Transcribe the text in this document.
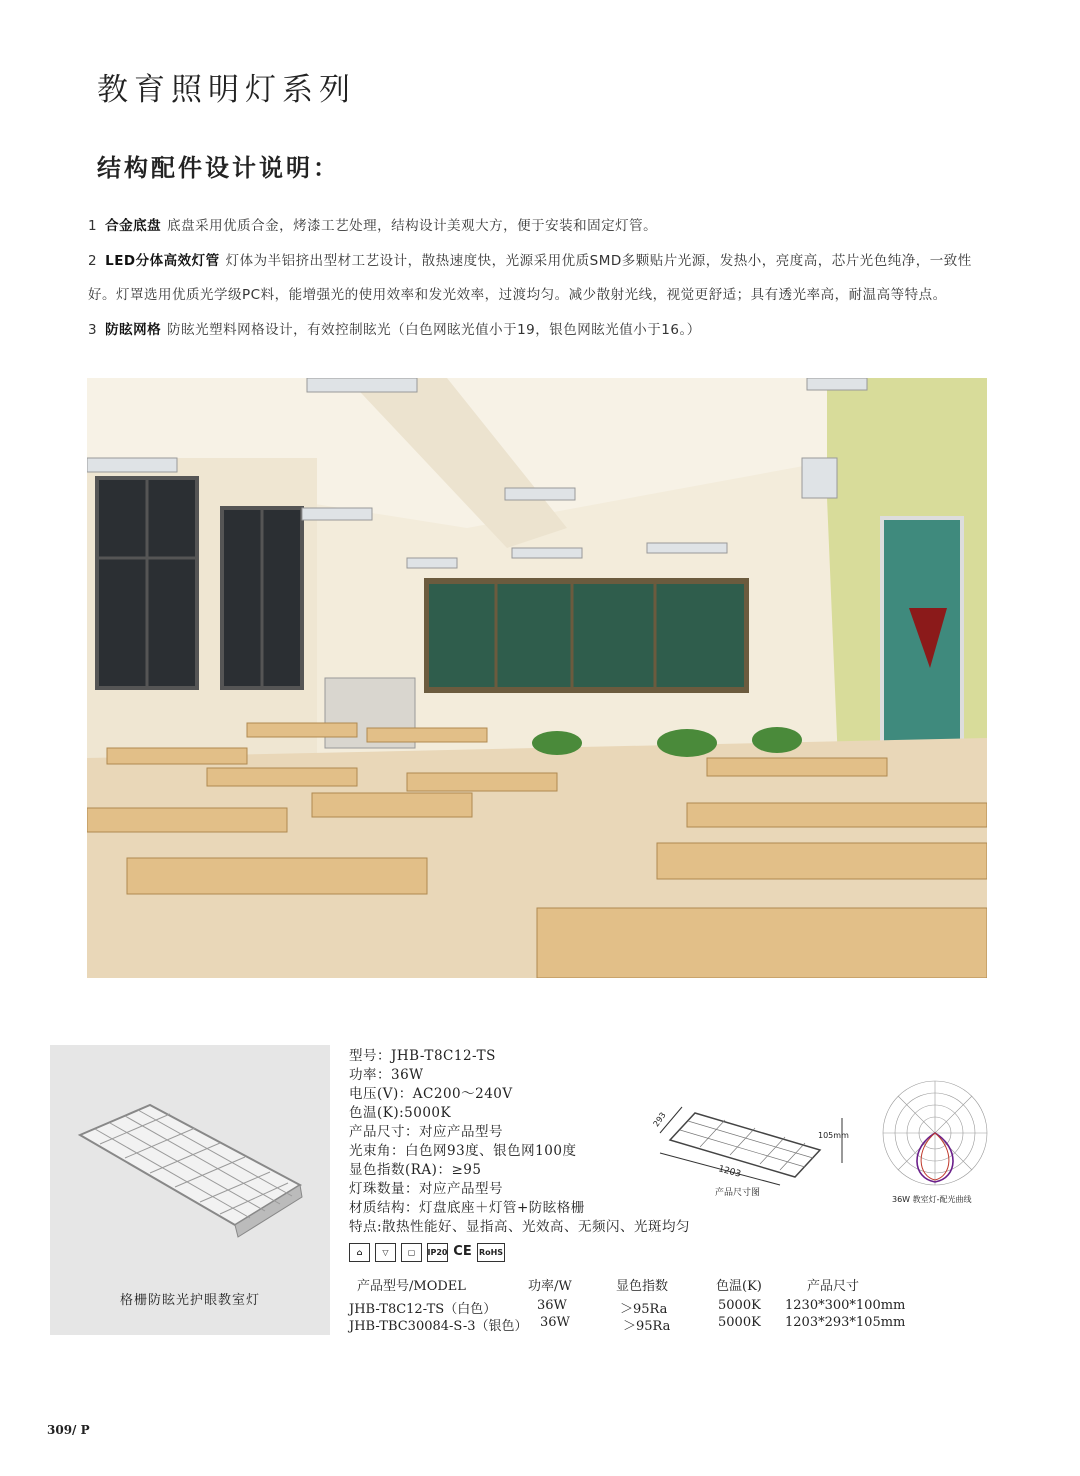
教育照明灯系列
结构配件设计说明：
1 合金底盘 底盘采用优质合金，烤漆工艺处理，结构设计美观大方，便于安装和固定灯管。
2 LED分体高效灯管 灯体为半铝挤出型材工艺设计，散热速度快，光源采用优质SMD多颗贴片光源，发热小，亮度高，芯片光色纯净，一致性
好。灯罩选用优质光学级PC料，能增强光的使用效率和发光效率，过渡均匀。减少散射光线，视觉更舒适；具有透光率高，耐温高等特点。
3 防眩网格 防眩光塑料网格设计，有效控制眩光（白色网眩光值小于19，银色网眩光值小于16。）
格栅防眩光护眼教室灯
型号：JHB-T8C12-TS
功率：36W
电压(V)：AC200～240V
色温(K):5000K
产品尺寸：对应产品型号
光束角：白色网93度、银色网100度
显色指数(RA)：≥95
灯珠数量：对应产品型号
材质结构：灯盘底座＋灯管+防眩格栅
特点:散热性能好、显指高、光效高、无频闪、光斑均匀
⌂	▽	▢	IP20 CE RoHS
293
1203
105mm
产品尺寸图
36W 教室灯-配光曲线
产品型号/MODEL	功率/W	显色指数	色温(K)	产品尺寸
JHB-T8C12-TS（白色）	36W	＞95Ra	5000K 1230*300*100mm
JHB-TBC30084-S-3（银色） 36W	＞95Ra	5000K 1203*293*105mm
309/ P
